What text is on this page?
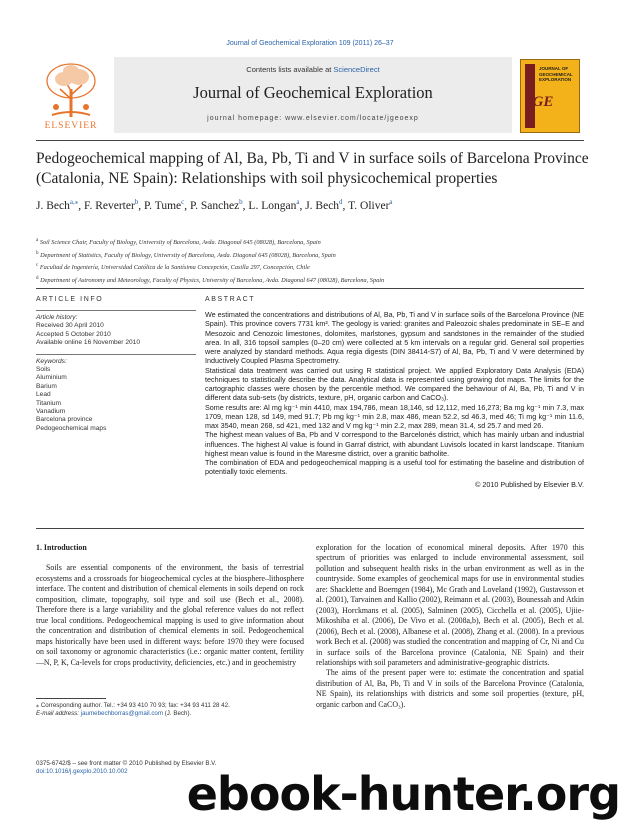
Journal of Geochemical Exploration 109 (2011) 26–37
ELSEVIER
Contents lists available at ScienceDirect
Journal of Geochemical Exploration
journal homepage: www.elsevier.com/locate/jgeoexp
JOURNAL OF GEOCHEMICAL EXPLORATION
JGE
Pedogeochemical mapping of Al, Ba, Pb, Ti and V in surface soils of Barcelona Province (Catalonia, NE Spain): Relationships with soil physicochemical properties
J. Bech$^{a,⁎}$, F. Reverter$^b$, P. Tume$^c$, P. Sanchez$^b$, L. Longan$^a$, J. Bech$^d$, T. Oliver$^a$
$^a$ Soil Science Chair, Faculty of Biology, University of Barcelona, Avda. Diagonal 645 (08028), Barcelona, Spain
$^b$ Department of Statistics, Faculty of Biology, University of Barcelona, Avda. Diagonal 645 (08028), Barcelona, Spain
$^c$ Facultad de Ingeniería, Universidad Católica de la Santísima Concepción, Casilla 297, Concepción, Chile
$^d$ Department of Astronomy and Meteorology, Faculty of Physics, University of Barcelona, Avda. Diagonal 647 (08028), Barcelona, Spain
ARTICLE INFO	ABSTRACT
Article history:
Received 30 April 2010
Accepted 5 October 2010
Available online 16 November 2010
Keywords:
Soils
Aluminium
Barium
Lead
Titanium
Vanadium
Barcelona province
Pedogeochemical maps

We estimated the concentrations and distributions of Al, Ba, Pb, Ti and V in surface soils of the Barcelona Province (NE Spain). This province covers 7731 km². The geology is varied: granites and Paleozoic shales predominate in SE–E and Mesozoic and Cenozoic limestones, dolomites, marlstones, gypsum and sandstones in the remainder of the studied area. In all, 316 topsoil samples (0–20 cm) were collected at 5 km intervals on a regular grid. General soil properties were analyzed by standard methods. Aqua regia digests (DIN 38414-S7) of Al, Ba, Pb, Ti and V were determined by Inductively Coupled Plasma Spectrometry.

Statistical data treatment was carried out using R statistical project. We applied Exploratory Data Analysis (EDA) techniques to statistically describe the data. Analytical data is represented using growing dot maps. The limits for the cartographic classes were chosen by the percentile method. We compared the behaviour of Al, Ba, Pb, Ti and V in different data sub-sets (by districts, texture, pH, organic carbon and CaCO₃).

Some results are: Al mg kg⁻¹ min 4410, max 194,786, mean 18,146, sd 12,112, med 16,273; Ba mg kg⁻¹ min 7.3, max 1709, mean 128, sd 149, med 91.7; Pb mg kg⁻¹ min 2.8, max 486, mean 52.2, sd 46.3, med 46; Ti mg kg⁻¹ min 11.6, max 3540, mean 268, sd 421, med 132 and V mg kg⁻¹ min 2.2, max 289, mean 31.4, sd 25.7 and med 26.

The highest mean values of Ba, Pb and V correspond to the Barcelonés district, which has mainly urban and industrial influences. The highest Al value is found in Garraf district, with abundant Luvisols located in karst landscape. Titanium highest mean value is found in the Maresme district, over a granitic batholite.

The combination of EDA and pedogeochemical mapping is a useful tool for estimating the baseline and distribution of potentially toxic elements.

© 2010 Published by Elsevier B.V.

1. Introduction

Soils are essential components of the environment, the basis of terrestrial ecosystems and a crossroads for biogeochemical cycles at the biosphere–lithosphere interface. The content and distribution of chemical elements in soils depend on rock composition, climate, topography, soil type and soil use (Bech et al., 2008). Therefore there is a large variability and the global reference values do not reflect true local conditions. Pedogeochemical mapping is used to give information about the concentration and distribution of chemical elements in soil. Pedogeochemical maps historically have been used in different ways: before 1970 they were focused on soil taxonomy or agronomic characteristics (i.e.: organic matter content, fertility—N, P, K, Ca-levels for crops productivity, deficiencies, etc.) and in geochemistry

exploration for the location of economical mineral deposits. After 1970 this spectrum of priorities was enlarged to include environmental assessment, soil pollution and subsequent health risks in the urban environment as well as in the countryside. Some examples of geochemical maps for use in environmental studies are: Shacklette and Boerngen (1984), Mc Grath and Loveland (1992), Gustavsson et al. (2001), Tarvainen and Kallio (2002), Reimann et al. (2003), Bounessah and Atkin (2003), Horckmans et al. (2005), Salminen (2005), Cicchella et al. (2005), Ujiie-Mikoshiba et al. (2006), De Vivo et al. (2008a,b), Bech et al. (2005), Bech et al. (2006), Bech et al. (2008), Albanese et al. (2008), Zhang et al. (2008). In a previous work Bech et al. (2008) was studied the concentration and mapping of Cr, Ni and Cu in surface soils of the Barcelona province (Catalonia, NE Spain) and their relationships with soil parameters and administrative-geographic districts.

The aims of the present paper were to: estimate the concentration and spatial distribution of Al, Ba, Pb, Ti and V in soils of the Barcelona Province (Catalonia, NE Spain), its relationships with districts and some soil properties (texture, pH, organic carbon and CaCO₃).

⁎ Corresponding author. Tel.: +34 93 410 70 93; fax: +34 93 411 28 42.
E-mail address: jaumebechborras@gmail.com (J. Bech).
0375-6742/$ – see front matter © 2010 Published by Elsevier B.V.
doi:10.1016/j.gexplo.2010.10.002	ebook-hunter.org
